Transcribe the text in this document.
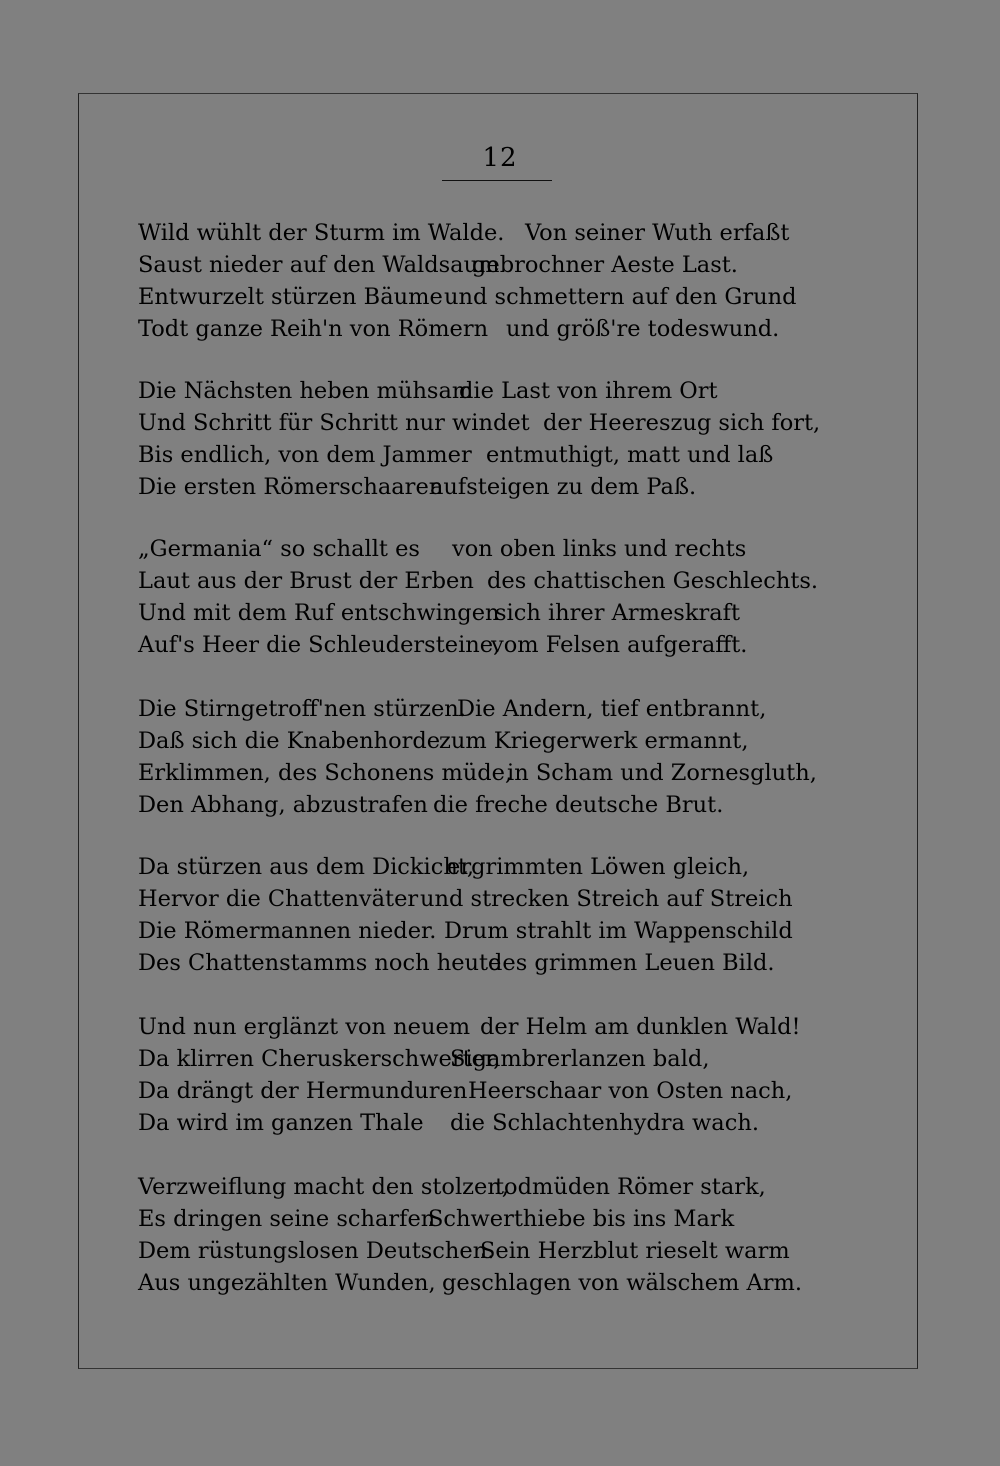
12
Wild wühlt der Sturm im Walde. Von seiner Wuth erfaßt
Saust nieder auf den Waldsaum
gebrochner Aeste Last.
Entwurzelt stürzen Bäume und schmettern auf den Grund
Todt ganze Reih'n von Römern und größ're todeswund.
Die Nächsten heben mühsam
die Last von ihrem Ort
Und Schritt für Schritt nur windet der Heereszug sich fort,
Bis endlich, von dem Jammer entmuthigt, matt und laß
Die ersten Römerschaaren
aufsteigen zu dem Paß.
„Germania“ so schallt es von oben links und rechts
Laut aus der Brust der Erben des chattischen Geschlechts.
Und mit dem Ruf entschwingen
sich ihrer Armeskraft
Auf's Heer die Schleudersteine,
vom Felsen aufgerafft.
Die Stirngetroff'nen stürzen.
Die Andern, tief entbrannt,
Daß sich die Knabenhorde
zum Kriegerwerk ermannt,
Erklimmen, des Schonens müde,
in Scham und Zornesgluth,
Den Abhang, abzustrafen die freche deutsche Brut.
Da stürzen aus dem Dickicht,
ergrimmten Löwen gleich,
Hervor die Chattenväter und strecken Streich auf Streich
Die Römermannen nieder. Drum strahlt im Wappenschild
Des Chattenstamms noch heute
des grimmen Leuen Bild.
Und nun erglänzt von neuem der Helm am dunklen Wald!
Da klirren Cheruskerschwerter,
Sigambrerlanzen bald,
Da drängt der Hermunduren Heerschaar von Osten nach,
Da wird im ganzen Thale die Schlachtenhydra wach.
Verzweiflung macht den stolzen,
todmüden Römer stark,
Es dringen seine scharfen
Schwerthiebe bis ins Mark
Dem rüstungslosen Deutschen.
Sein Herzblut rieselt warm
Aus ungezählten Wunden, geschlagen von wälschem Arm.
